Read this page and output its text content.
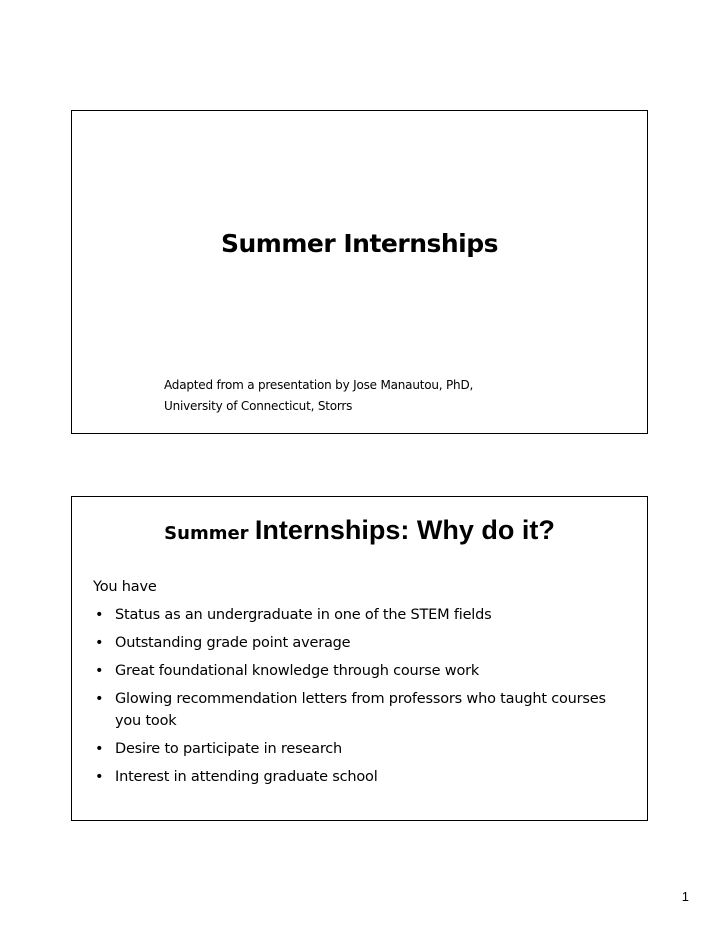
Summer Internships
Adapted from a presentation by Jose Manautou, PhD,
University of Connecticut, Storrs
Summer Internships: Why do it?

You have

• Status as an undergraduate in one of the STEM fields
• Outstanding grade point average
• Great foundational knowledge through course work
• Glowing recommendation letters from professors who taught courses you took
• Desire to participate in research
• Interest in attending graduate school
1
